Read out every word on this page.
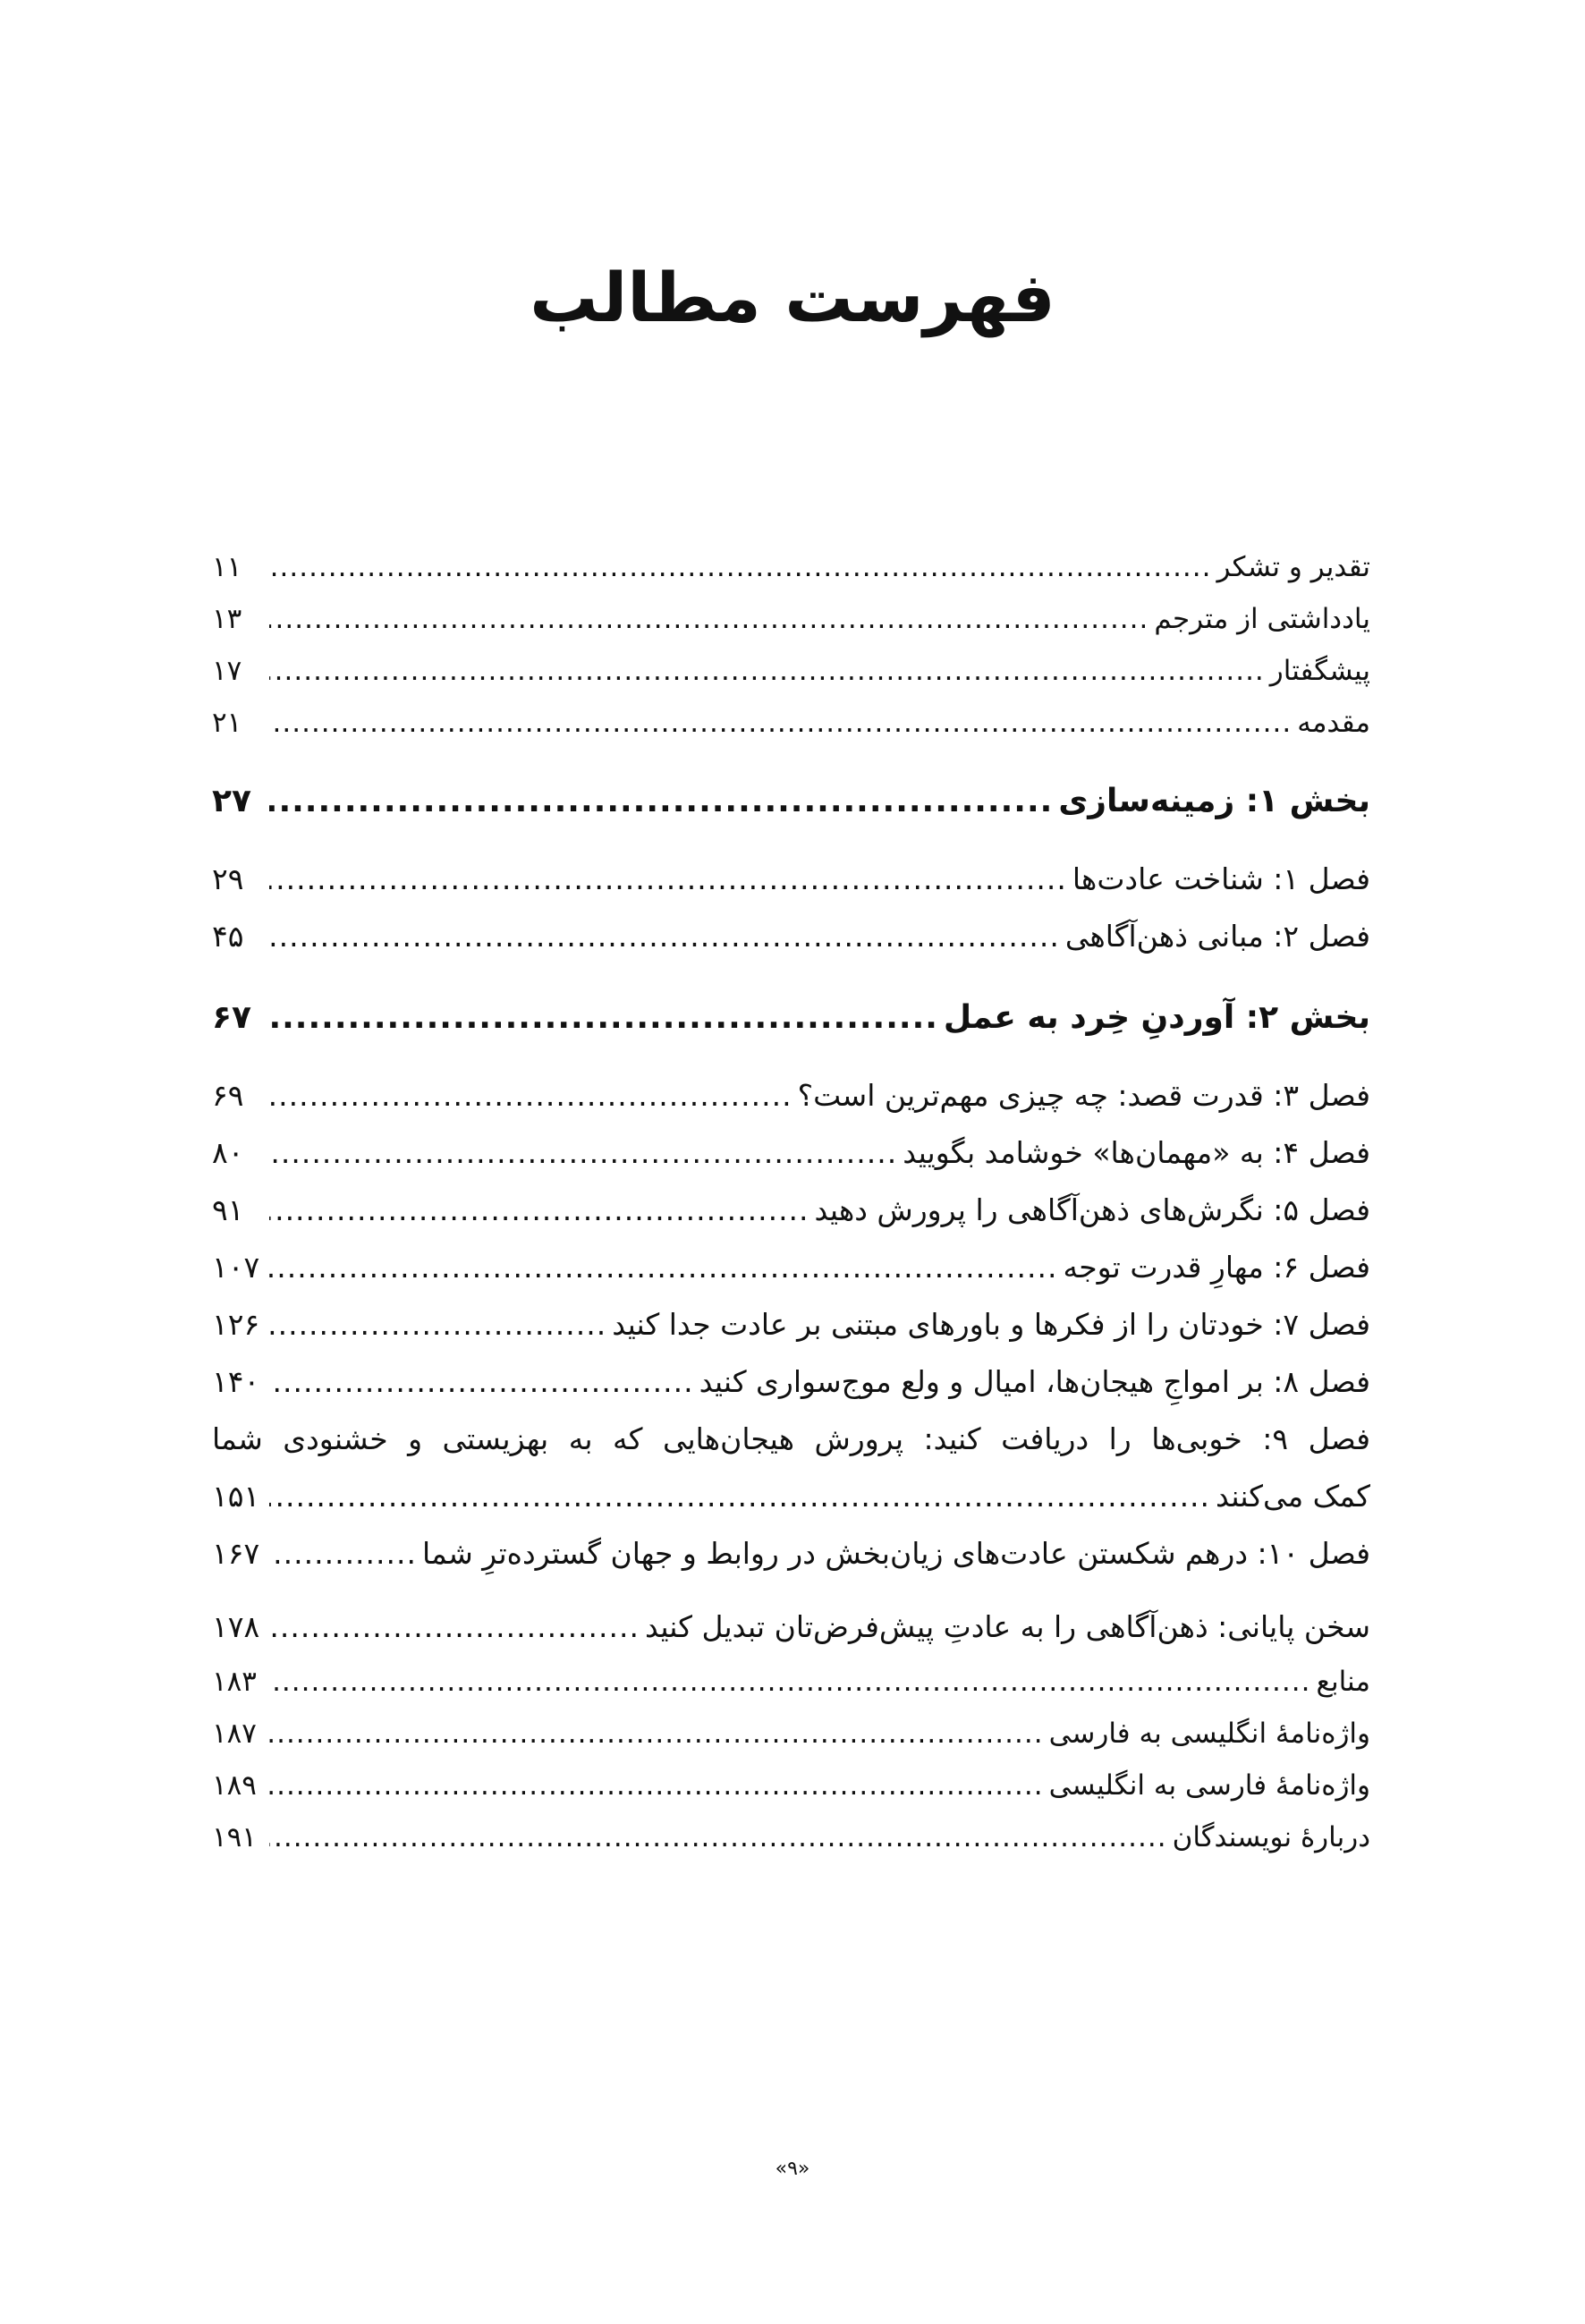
فهرست مطالب
تقدیر و تشکر
.....
۱۱
یادداشتی از مترجم
.....
۱۳
پیشگفتار
.....
۱۷
مقدمه
.....
۲۱
بخش ۱: زمینه‌سازی
.....
۲۷
فصل ۱: شناخت عادت‌ها
.....
۲۹
فصل ۲: مبانی ذهن‌آگاهی
.....
۴۵
بخش ۲: آوردنِ خِرد به عمل
.....
۶۷
فصل ۳: قدرت قصد: چه چیزی مهم‌ترین است؟
.....
۶۹
فصل ۴: به «مهمان‌ها» خوشامد بگویید
.....
۸۰
فصل ۵: نگرش‌های ذهن‌آگاهی را پرورش دهید
.....
۹۱
فصل ۶: مهارِ قدرت توجه
.....
۱۰۷
فصل ۷: خودتان را از فکرها و باورهای مبتنی بر عادت جدا کنید
.....
۱۲۶
فصل ۸: بر امواجِ هیجان‌ها، امیال و ولع موج‌سواری کنید
.....
۱۴۰
فصل ۹: خوبی‌ها را دریافت کنید: پرورش هیجان‌هایی که به بهزیستی و خشنودی شما
کمک می‌کنند
.....
۱۵۱
فصل ۱۰: درهم شکستن عادت‌های زیان‌بخش در روابط و جهان گسترده‌ترِ شما
.....
۱۶۷
سخن پایانی: ذهن‌آگاهی را به عادتِ پیش‌فرض‌تان تبدیل کنید
.....
۱۷۸
منابع
.....
۱۸۳
واژه‌نامهٔ انگلیسی به فارسی
.....
۱۸۷
واژه‌نامهٔ فارسی به انگلیسی
.....
۱۸۹
دربارهٔ نویسندگان
.....
۱۹۱
«۹»
